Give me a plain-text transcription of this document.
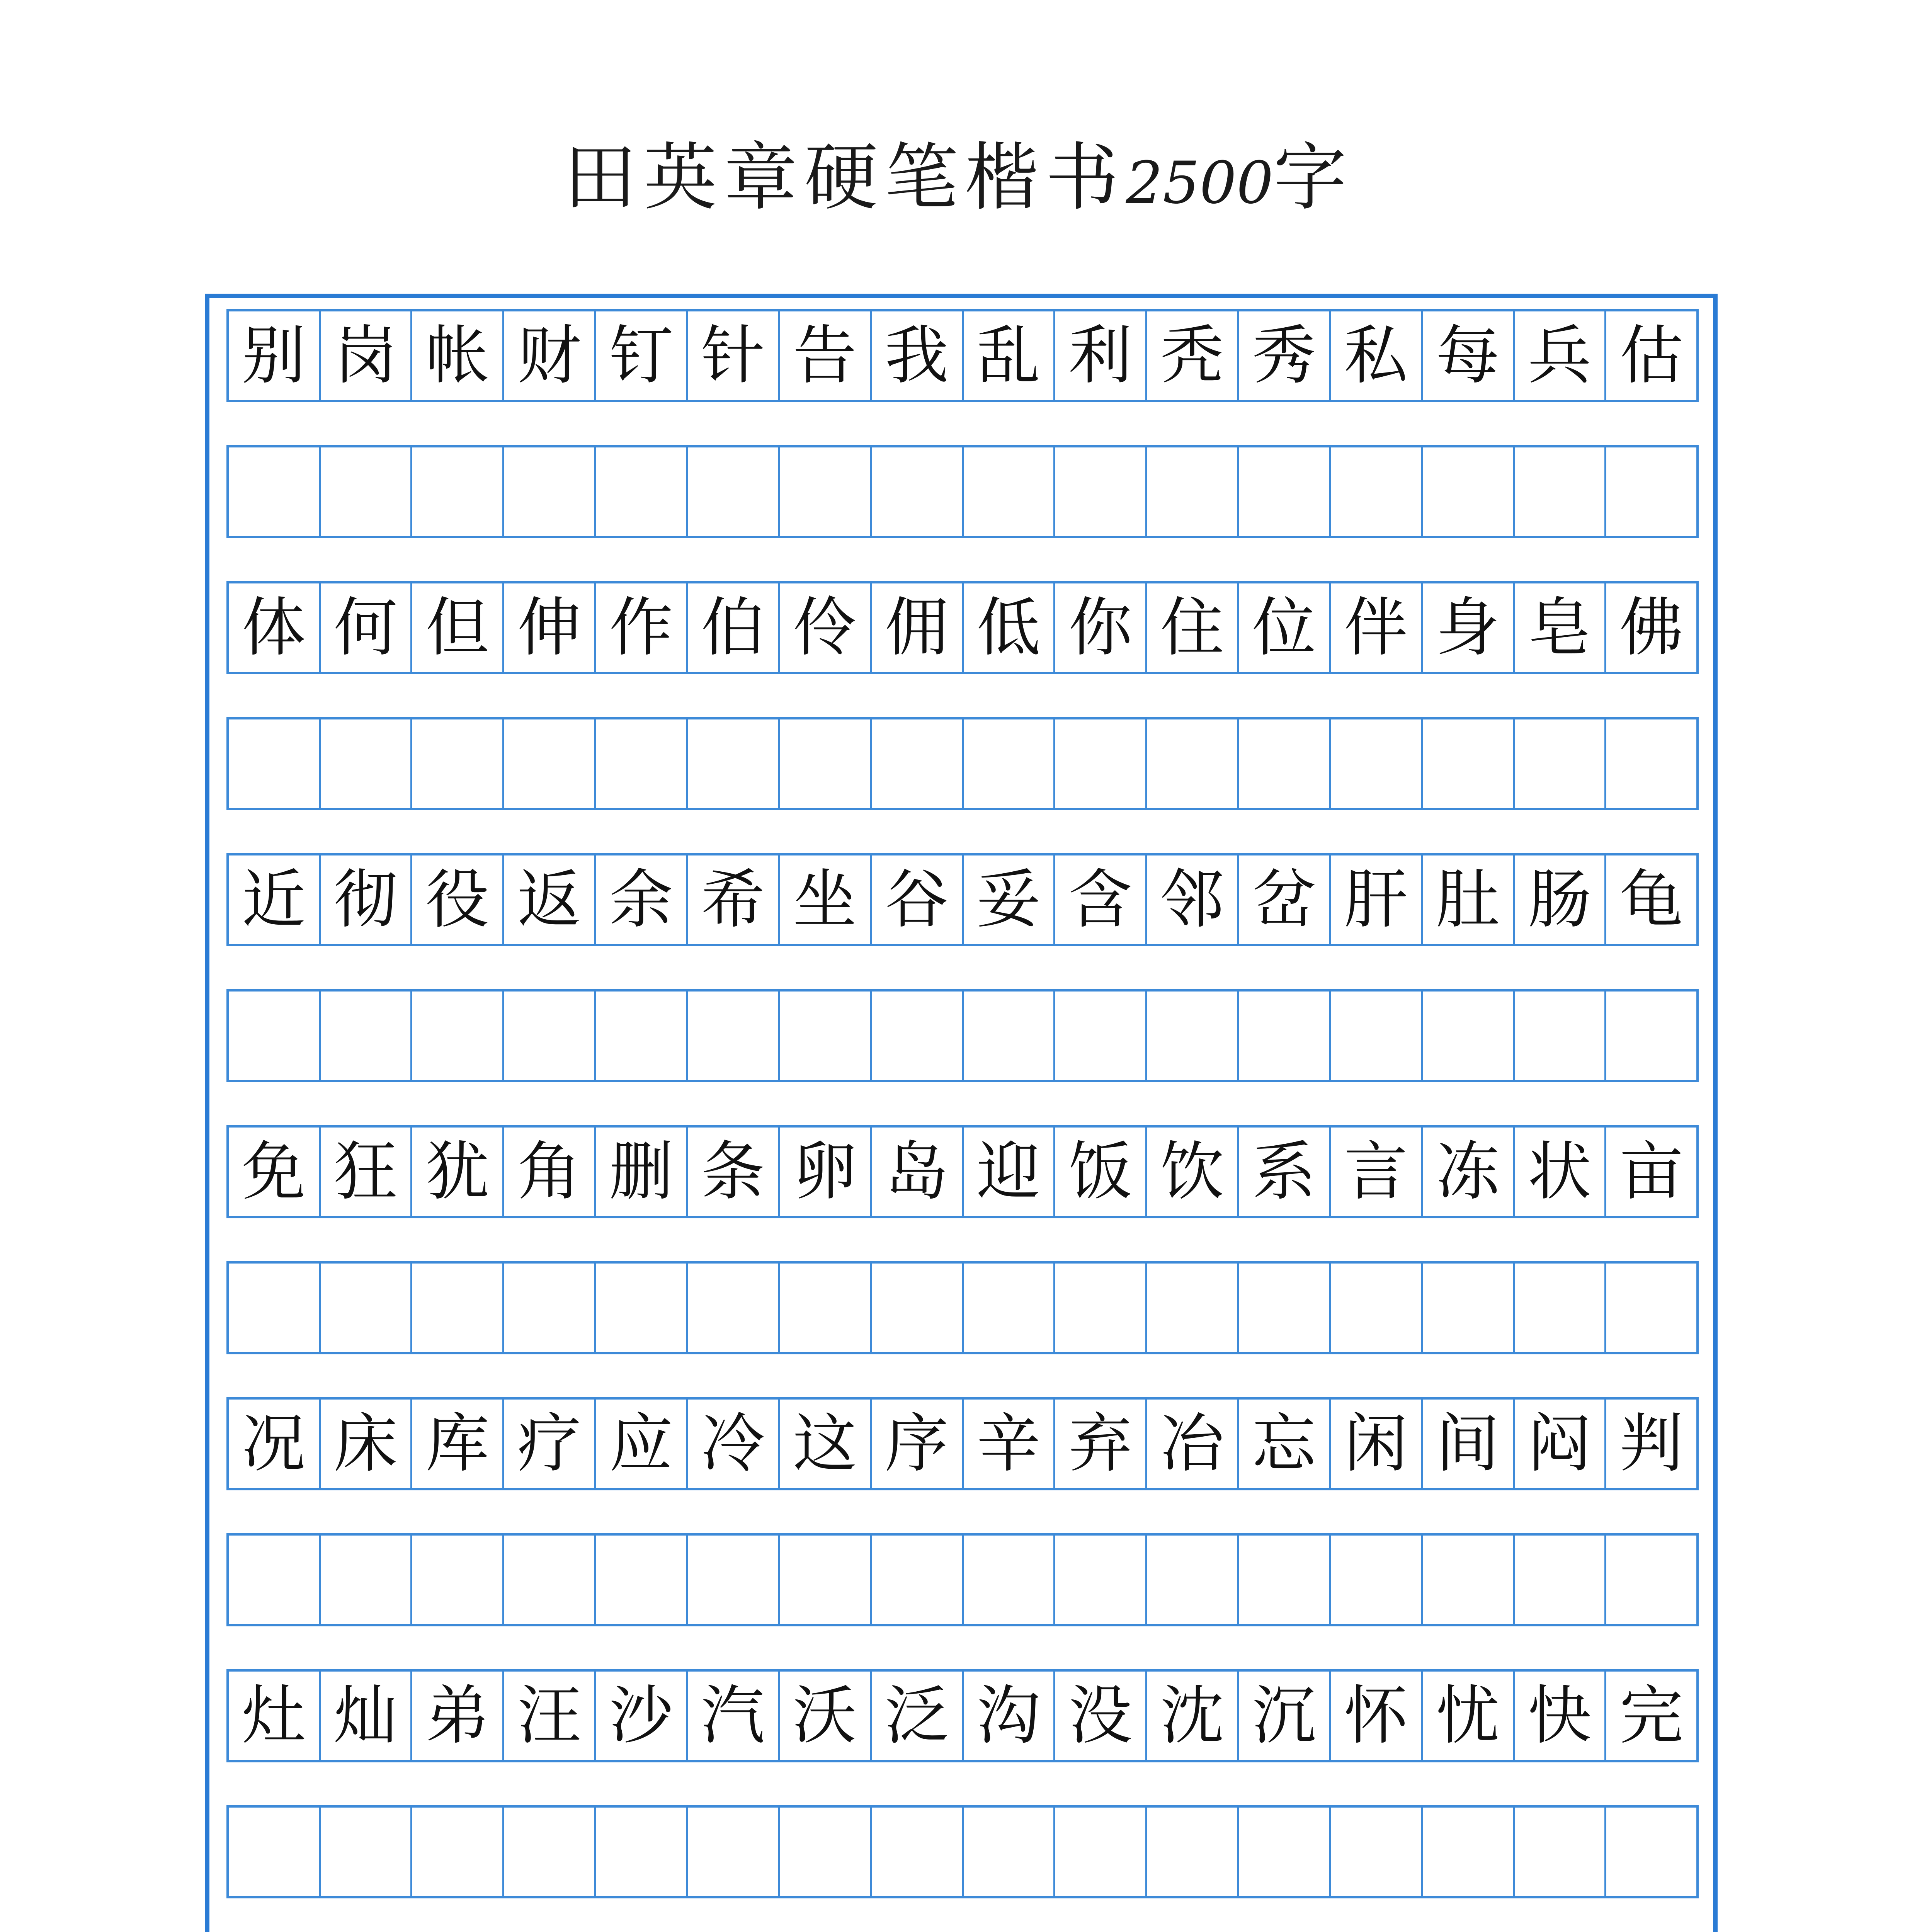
田英章硬笔楷书2500字
别 岗 帐 财 钉 针 告 我 乱 利 秃 秀 私 每 兵 估
体 何 但 伸 作 伯 伶 佣 低 你 住 位 伴 身 皂 佛
近 彻 役 返 余 希 坐 谷 妥 含 邻 岔 肝 肚 肠 龟
免 狂 犹 角 删 条 卵 岛 迎 饭 饮 系 言 冻 状 亩
况 床 库 疗 应 冷 这 序 辛 弃 冶 忘 闲 间 闷 判
灶 灿 弟 汪 沙 汽 沃 泛 沟 没 沈 沉 怀 忧 快 完
